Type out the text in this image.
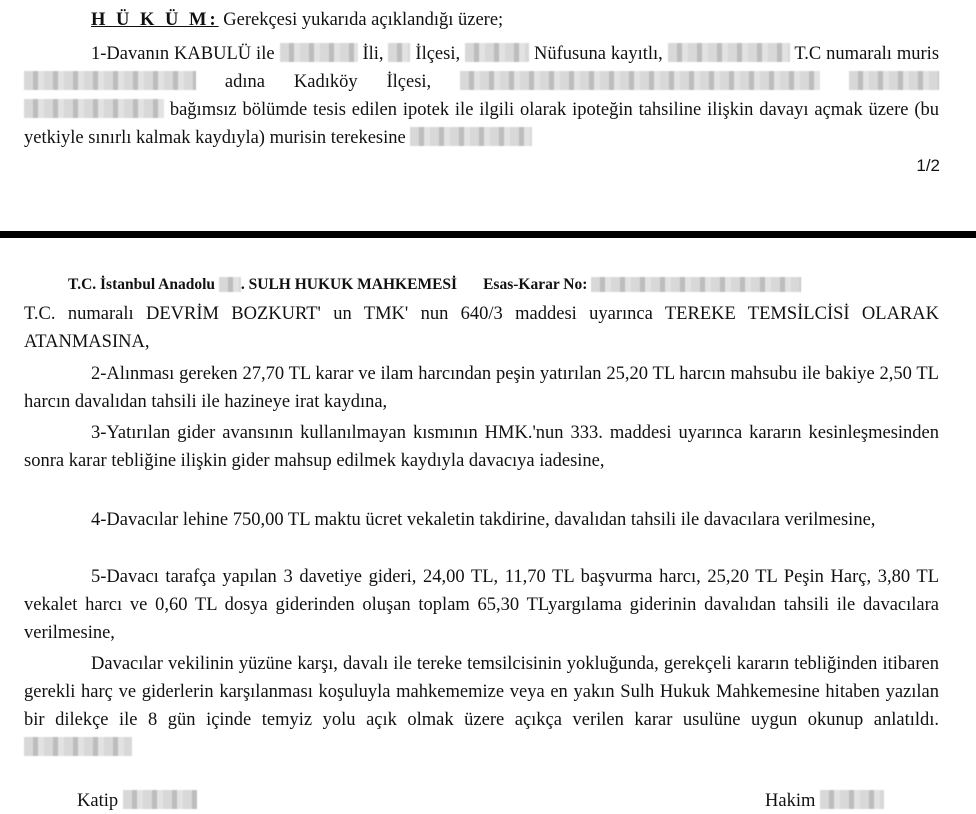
H Ü K Ü M: Gerekçesi yukarıda açıklandığı üzere;

1-Davanın KABULÜ ile	İli,  İlçesi,	Nüfusuna kayıtlı,	T.C numaralı muris  adına Kadıköy İlçesi,    bağımsız bölümde tesis edilen ipotek ile ilgili olarak ipoteğin tahsiline ilişkin davayı açmak üzere (bu yetkiyle sınırlı kalmak kaydıyla) murisin terekesine

1/2
T.C. İstanbul Anadolu . SULH HUKUK MAHKEMESİ Esas-Karar No:

T.C. numaralı DEVRİM BOZKURT' un TMK' nun 640/3 maddesi uyarınca TEREKE TEMSİLCİSİ OLARAK ATANMASINA,

2-Alınması gereken 27,70 TL karar ve ilam harcından peşin yatırılan 25,20 TL harcın mahsubu ile bakiye 2,50 TL harcın davalıdan tahsili ile hazineye irat kaydına,

3-Yatırılan gider avansının kullanılmayan kısmının HMK.'nun 333. maddesi uyarınca kararın kesinleşmesinden sonra karar tebliğine ilişkin gider mahsup edilmek kaydıyla davacıya iadesine,

4-Davacılar lehine 750,00 TL maktu ücret vekaletin takdirine, davalıdan tahsili ile davacılara verilmesine,

5-Davacı tarafça yapılan 3 davetiye gideri, 24,00 TL, 11,70 TL başvurma harcı, 25,20 TL Peşin Harç, 3,80 TL vekalet harcı ve 0,60 TL dosya giderinden oluşan toplam 65,30 TLyargılama giderinin davalıdan tahsili ile davacılara verilmesine,

Davacılar vekilinin yüzüne karşı, davalı ile tereke temsilcisinin yokluğunda, gerekçeli kararın tebliğinden itibaren gerekli harç ve giderlerin karşılanması koşuluyla mahkememize veya en yakın Sulh Hukuk Mahkemesine hitaben yazılan bir dilekçe ile 8 gün içinde temyiz yolu açık olmak üzere açıkça verilen karar usulüne uygun okunup anlatıldı.

Katip	Hakim
